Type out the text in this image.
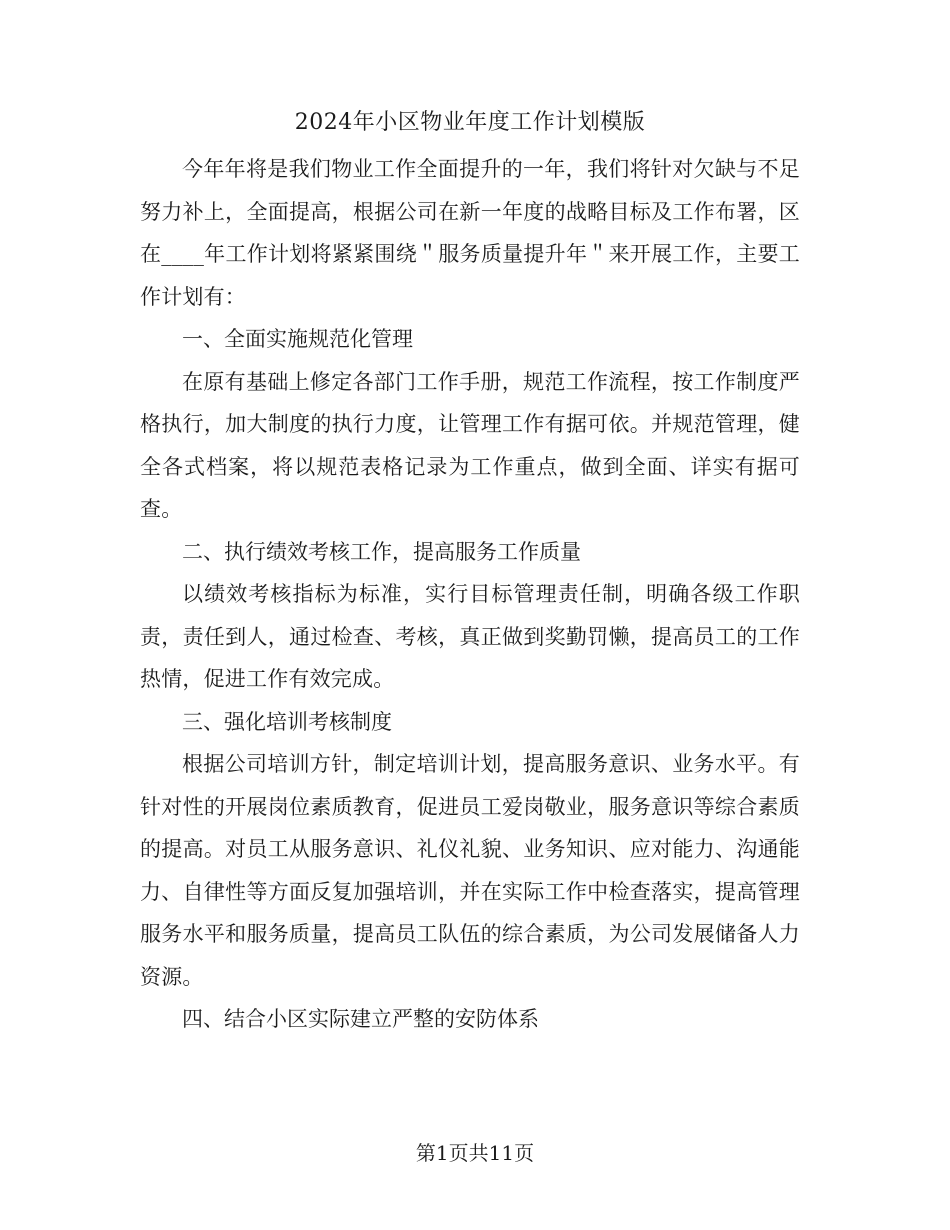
2024年小区物业年度工作计划模版

今年年将是我们物业工作全面提升的一年，我们将针对欠缺与不足努力补上，全面提高，根据公司在新一年度的战略目标及工作布署，区在____年工作计划将紧紧围绕＂服务质量提升年＂来开展工作，主要工作计划有：

一、全面实施规范化管理

在原有基础上修定各部门工作手册，规范工作流程，按工作制度严格执行，加大制度的执行力度，让管理工作有据可依。并规范管理，健全各式档案，将以规范表格记录为工作重点，做到全面、详实有据可查。

二、执行绩效考核工作，提高服务工作质量

以绩效考核指标为标准，实行目标管理责任制，明确各级工作职责，责任到人，通过检查、考核，真正做到奖勤罚懒，提高员工的工作热情，促进工作有效完成。

三、强化培训考核制度

根据公司培训方针，制定培训计划，提高服务意识、业务水平。有针对性的开展岗位素质教育，促进员工爱岗敬业，服务意识等综合素质的提高。对员工从服务意识、礼仪礼貌、业务知识、应对能力、沟通能力、自律性等方面反复加强培训，并在实际工作中检查落实，提高管理服务水平和服务质量，提高员工队伍的综合素质，为公司发展储备人力资源。

四、结合小区实际建立严整的安防体系
第1页共11页
